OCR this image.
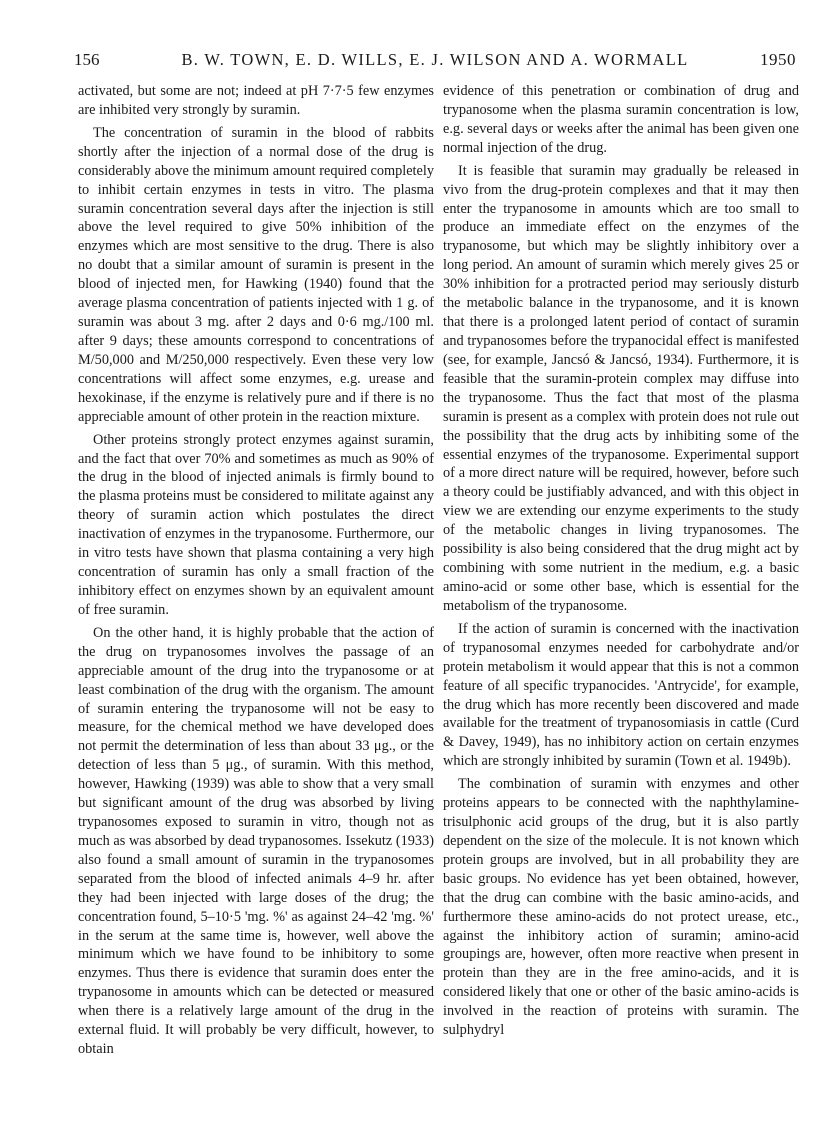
156	B. W. TOWN, E. D. WILLS, E. J. WILSON AND A. WORMALL	1950

activated, but some are not; indeed at pH 7·7·5 few enzymes are inhibited very strongly by suramin.

The concentration of suramin in the blood of rabbits shortly after the injection of a normal dose of the drug is considerably above the minimum amount required completely to inhibit certain enzymes in tests in vitro. The plasma suramin concentration several days after the injection is still above the level required to give 50% inhibition of the enzymes which are most sensitive to the drug. There is also no doubt that a similar amount of suramin is present in the blood of injected men, for Hawking (1940) found that the average plasma concentration of patients injected with 1 g. of suramin was about 3 mg. after 2 days and 0·6 mg./100 ml. after 9 days; these amounts correspond to concentrations of M/50,000 and M/250,000 respectively. Even these very low concentrations will affect some enzymes, e.g. urease and hexokinase, if the enzyme is relatively pure and if there is no appreciable amount of other protein in the reaction mixture.

Other proteins strongly protect enzymes against suramin, and the fact that over 70% and sometimes as much as 90% of the drug in the blood of injected animals is firmly bound to the plasma proteins must be considered to militate against any theory of suramin action which postulates the direct inactivation of enzymes in the trypanosome. Furthermore, our in vitro tests have shown that plasma containing a very high concentration of suramin has only a small fraction of the inhibitory effect on enzymes shown by an equivalent amount of free suramin.

On the other hand, it is highly probable that the action of the drug on trypanosomes involves the passage of an appreciable amount of the drug into the trypanosome or at least combination of the drug with the organism. The amount of suramin entering the trypanosome will not be easy to measure, for the chemical method we have developed does not permit the determination of less than about 33 μg., or the detection of less than 5 μg., of suramin. With this method, however, Hawking (1939) was able to show that a very small but significant amount of the drug was absorbed by living trypanosomes exposed to suramin in vitro, though not as much as was absorbed by dead trypanosomes. Issekutz (1933) also found a small amount of suramin in the trypanosomes separated from the blood of infected animals 4–9 hr. after they had been injected with large doses of the drug; the concentration found, 5–10·5 'mg. %' as against 24–42 'mg. %' in the serum at the same time is, however, well above the minimum which we have found to be inhibitory to some enzymes. Thus there is evidence that suramin does enter the trypanosome in amounts which can be detected or measured when there is a relatively large amount of the drug in the external fluid. It will probably be very difficult, however, to obtain

evidence of this penetration or combination of drug and trypanosome when the plasma suramin concentration is low, e.g. several days or weeks after the animal has been given one normal injection of the drug.

It is feasible that suramin may gradually be released in vivo from the drug-protein complexes and that it may then enter the trypanosome in amounts which are too small to produce an immediate effect on the enzymes of the trypanosome, but which may be slightly inhibitory over a long period. An amount of suramin which merely gives 25 or 30% inhibition for a protracted period may seriously disturb the metabolic balance in the trypanosome, and it is known that there is a prolonged latent period of contact of suramin and trypanosomes before the trypanocidal effect is manifested (see, for example, Jancsó & Jancsó, 1934). Furthermore, it is feasible that the suramin-protein complex may diffuse into the trypanosome. Thus the fact that most of the plasma suramin is present as a complex with protein does not rule out the possibility that the drug acts by inhibiting some of the essential enzymes of the trypanosome. Experimental support of a more direct nature will be required, however, before such a theory could be justifiably advanced, and with this object in view we are extending our enzyme experiments to the study of the metabolic changes in living trypanosomes. The possibility is also being considered that the drug might act by combining with some nutrient in the medium, e.g. a basic amino-acid or some other base, which is essential for the metabolism of the trypanosome.

If the action of suramin is concerned with the inactivation of trypanosomal enzymes needed for carbohydrate and/or protein metabolism it would appear that this is not a common feature of all specific trypanocides. 'Antrycide', for example, the drug which has more recently been discovered and made available for the treatment of trypanosomiasis in cattle (Curd & Davey, 1949), has no inhibitory action on certain enzymes which are strongly inhibited by suramin (Town et al. 1949b).

The combination of suramin with enzymes and other proteins appears to be connected with the naphthylamine-trisulphonic acid groups of the drug, but it is also partly dependent on the size of the molecule. It is not known which protein groups are involved, but in all probability they are basic groups. No evidence has yet been obtained, however, that the drug can combine with the basic amino-acids, and furthermore these amino-acids do not protect urease, etc., against the inhibitory action of suramin; amino-acid groupings are, however, often more reactive when present in protein than they are in the free amino-acids, and it is considered likely that one or other of the basic amino-acids is involved in the reaction of proteins with suramin. The sulphydryl
